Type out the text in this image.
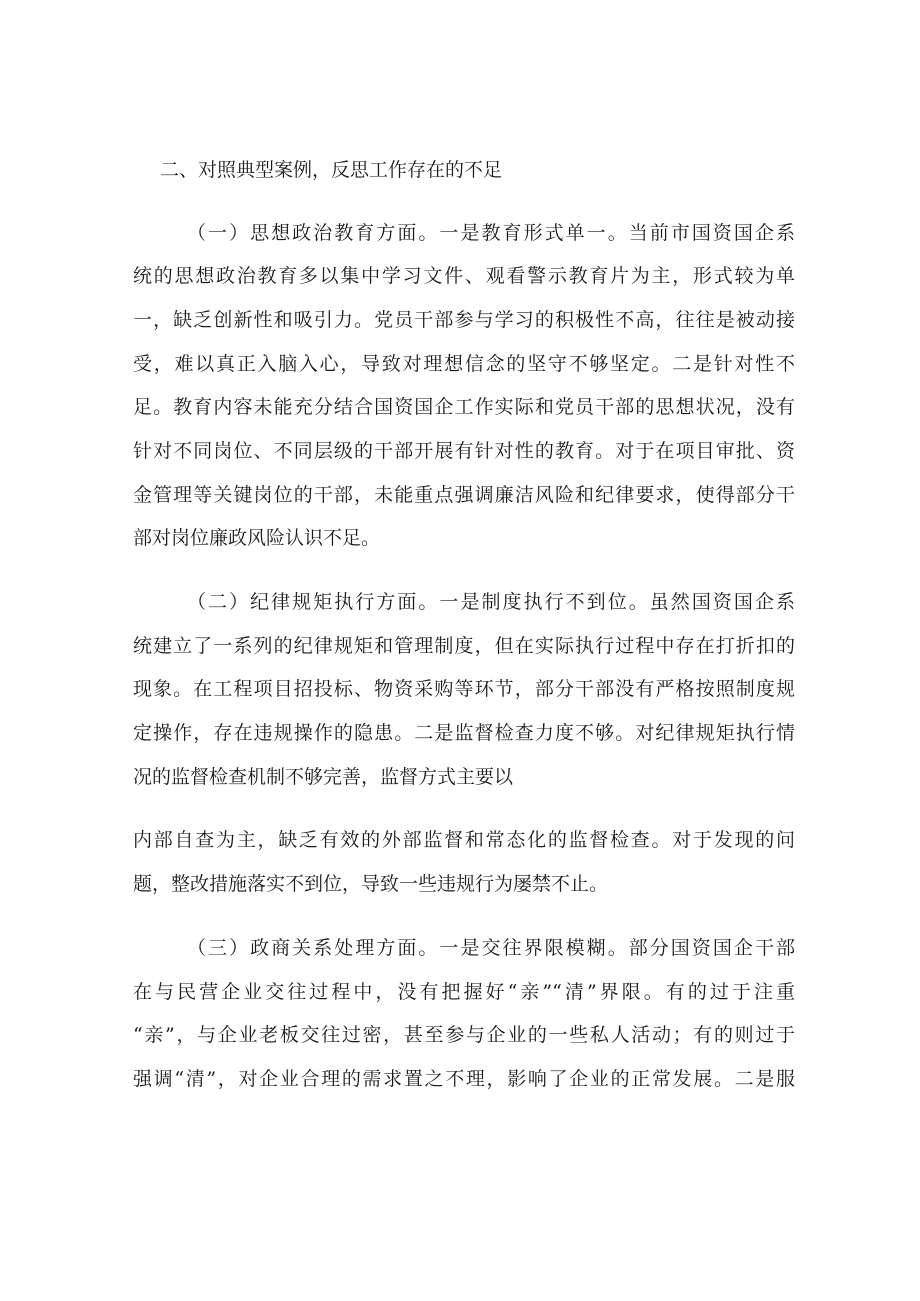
二、对照典型案例，反思工作存在的不足
（一）思想政治教育方面。一是教育形式单一。当前市国资国企系
统的思想政治教育多以集中学习文件、观看警示教育片为主，形式较为单
一，缺乏创新性和吸引力。党员干部参与学习的积极性不高，往往是被动接
受，难以真正入脑入心，导致对理想信念的坚守不够坚定。二是针对性不
足。教育内容未能充分结合国资国企工作实际和党员干部的思想状况，没有
针对不同岗位、不同层级的干部开展有针对性的教育。对于在项目审批、资
金管理等关键岗位的干部，未能重点强调廉洁风险和纪律要求，使得部分干
部对岗位廉政风险认识不足。
（二）纪律规矩执行方面。一是制度执行不到位。虽然国资国企系
统建立了一系列的纪律规矩和管理制度，但在实际执行过程中存在打折扣的
现象。在工程项目招投标、物资采购等环节，部分干部没有严格按照制度规
定操作，存在违规操作的隐患。二是监督检查力度不够。对纪律规矩执行情
况的监督检查机制不够完善，监督方式主要以
内部自查为主，缺乏有效的外部监督和常态化的监督检查。对于发现的问
题，整改措施落实不到位，导致一些违规行为屡禁不止。
（三）政商关系处理方面。一是交往界限模糊。部分国资国企干部
在与民营企业交往过程中，没有把握好“亲”“清”界限。有的过于注重
“亲”，与企业老板交往过密，甚至参与企业的一些私人活动；有的则过于
强调“清”，对企业合理的需求置之不理，影响了企业的正常发展。二是服
